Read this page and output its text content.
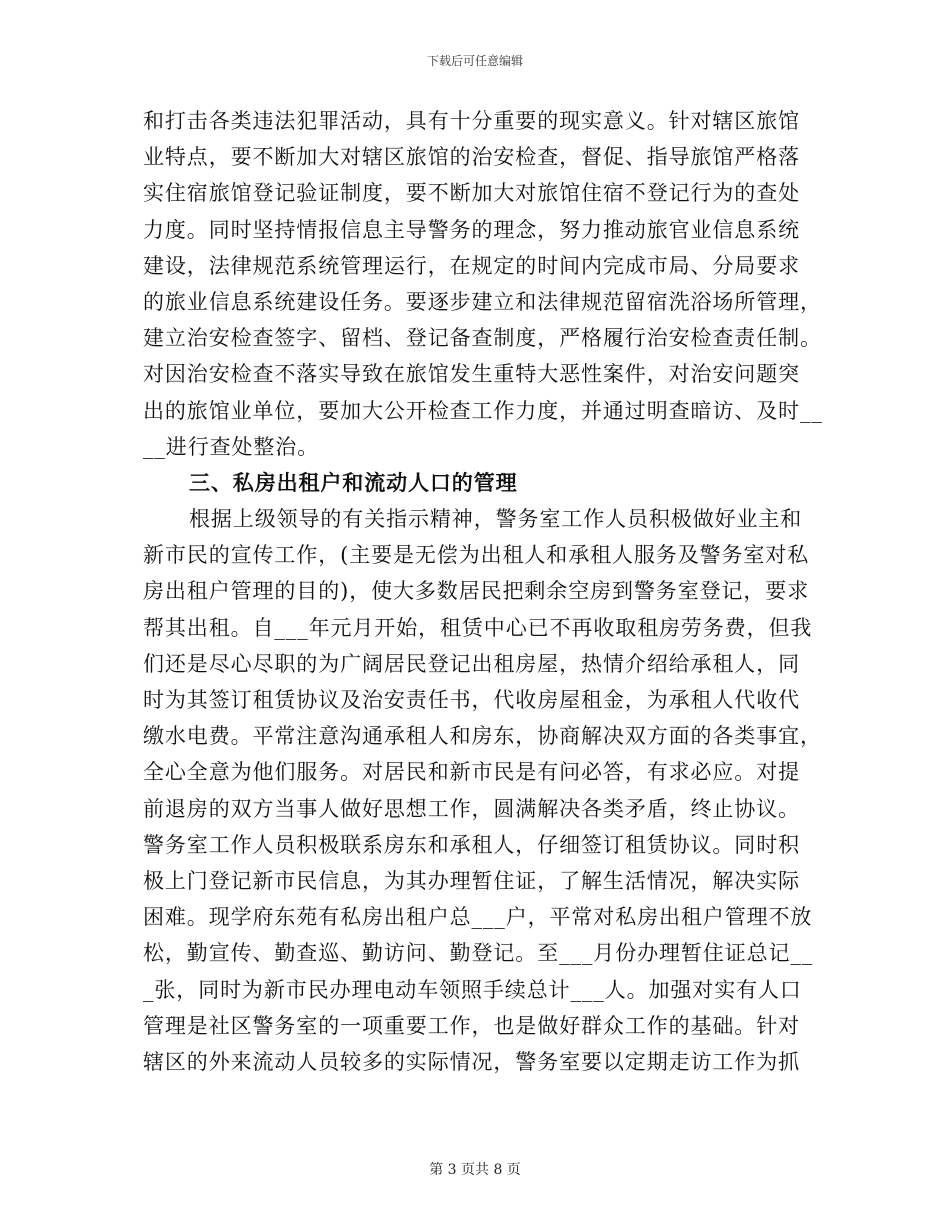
下载后可任意编辑
和打击各类违法犯罪活动，具有十分重要的现实意义。针对辖区旅馆
业特点，要不断加大对辖区旅馆的治安检查，督促、指导旅馆严格落
实住宿旅馆登记验证制度，要不断加大对旅馆住宿不登记行为的查处
力度。同时坚持情报信息主导警务的理念，努力推动旅官业信息系统
建设，法律规范系统管理运行，在规定的时间内完成市局、分局要求
的旅业信息系统建设任务。要逐步建立和法律规范留宿洗浴场所管理，
建立治安检查签字、留档、登记备查制度，严格履行治安检查责任制。
对因治安检查不落实导致在旅馆发生重特大恶性案件，对治安问题突
出的旅馆业单位，要加大公开检查工作力度，并通过明查暗访、及时__
__进行查处整治。
三、私房出租户和流动人口的管理
根据上级领导的有关指示精神，警务室工作人员积极做好业主和
新市民的宣传工作，(主要是无偿为出租人和承租人服务及警务室对私
房出租户管理的目的)，使大多数居民把剩余空房到警务室登记，要求
帮其出租。自___年元月开始，租赁中心已不再收取租房劳务费，但我
们还是尽心尽职的为广阔居民登记出租房屋，热情介绍给承租人，同
时为其签订租赁协议及治安责任书，代收房屋租金，为承租人代收代
缴水电费。平常注意沟通承租人和房东，协商解决双方面的各类事宜，
全心全意为他们服务。对居民和新市民是有问必答，有求必应。对提
前退房的双方当事人做好思想工作，圆满解决各类矛盾，终止协议。
警务室工作人员积极联系房东和承租人，仔细签订租赁协议。同时积
极上门登记新市民信息，为其办理暂住证，了解生活情况，解决实际
困难。现学府东苑有私房出租户总___户，平常对私房出租户管理不放
松，勤宣传、勤查巡、勤访问、勤登记。至___月份办理暂住证总记__
_张，同时为新市民办理电动车领照手续总计___人。加强对实有人口
管理是社区警务室的一项重要工作，也是做好群众工作的基础。针对
辖区的外来流动人员较多的实际情况，警务室要以定期走访工作为抓
第 3 页共 8 页
